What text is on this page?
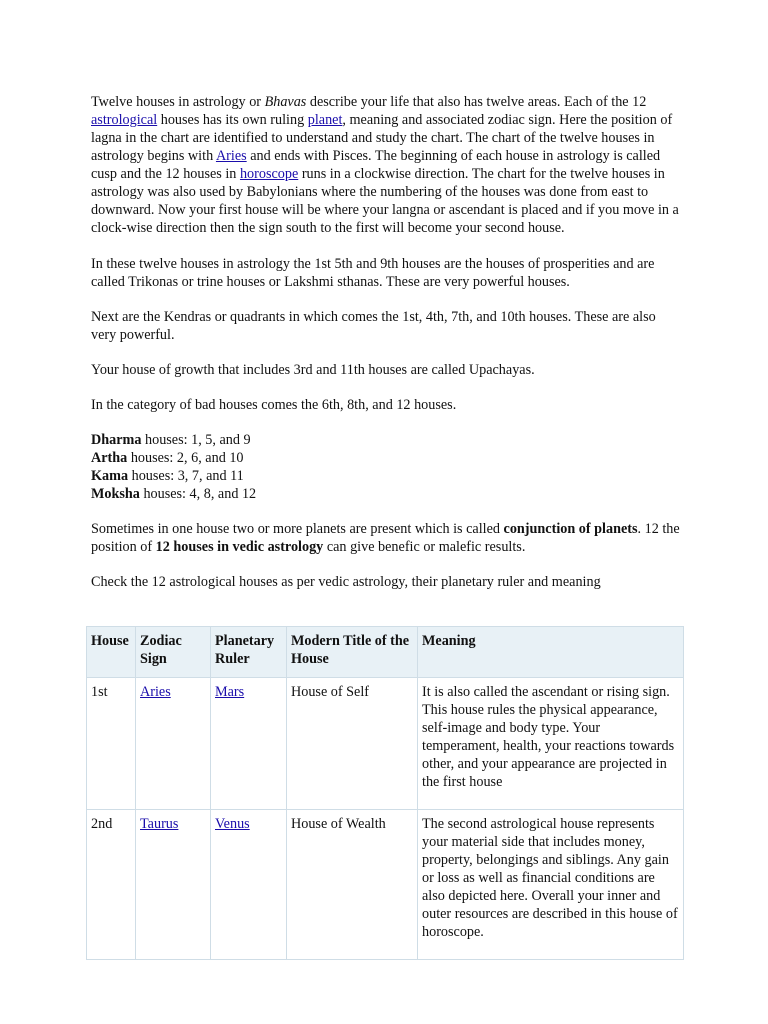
Twelve houses in astrology or Bhavas describe your life that also has twelve areas. Each of the 12 astrological houses has its own ruling planet, meaning and associated zodiac sign. Here the position of lagna in the chart are identified to understand and study the chart. The chart of the twelve houses in astrology begins with Aries and ends with Pisces. The beginning of each house in astrology is called cusp and the 12 houses in horoscope runs in a clockwise direction. The chart for the twelve houses in astrology was also used by Babylonians where the numbering of the houses was done from east to downward. Now your first house will be where your langna or ascendant is placed and if you move in a clock-wise direction then the sign south to the first will become your second house.

In these twelve houses in astrology the 1st 5th and 9th houses are the houses of prosperities and are called Trikonas or trine houses or Lakshmi sthanas. These are very powerful houses.

Next are the Kendras or quadrants in which comes the 1st, 4th, 7th, and 10th houses. These are also very powerful.

Your house of growth that includes 3rd and 11th houses are called Upachayas.

In the category of bad houses comes the 6th, 8th, and 12 houses.

Dharma houses: 1, 5, and 9
Artha houses: 2, 6, and 10
Kama houses: 3, 7, and 11
Moksha houses: 4, 8, and 12

Sometimes in one house two or more planets are present which is called conjunction of planets. 12 the position of 12 houses in vedic astrology can give benefic or malefic results.

Check the 12 astrological houses as per vedic astrology, their planetary ruler and meaning

House	Zodiac Sign	Planetary Ruler	Modern Title of the House	Meaning
1st	Aries	Mars	House of Self	It is also called the ascendant or rising sign. This house rules the physical appearance, self-image and body type. Your temperament, health, your reactions towards other, and your appearance are projected in the first house
2nd	Taurus	Venus	House of Wealth	The second astrological house represents your material side that includes money, property, belongings and siblings. Any gain or loss as well as financial conditions are also depicted here. Overall your inner and outer resources are described in this house of horoscope.
